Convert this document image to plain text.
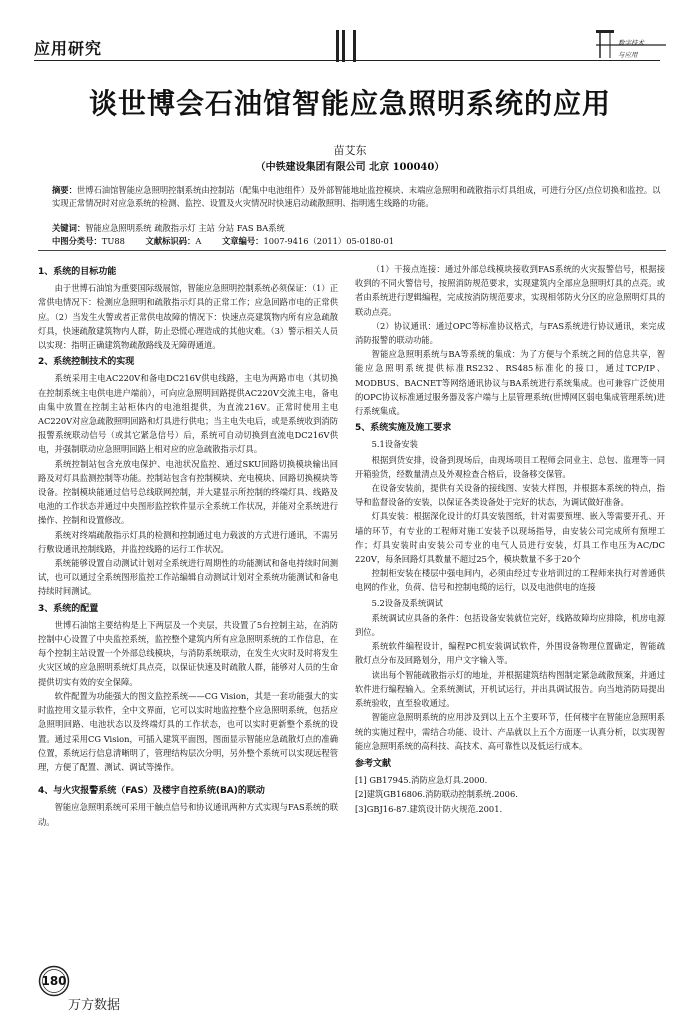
应用研究	数字技术
与应用
谈世博会石油馆智能应急照明系统的应用
苗艾东
（中铁建设集团有限公司 北京 100040）
摘要：世博石油馆智能应急照明控制系统由控制站（配集中电池组件）及外部智能地址监控模块、末端应急照明和疏散指示灯具组成，可进行分区/点位切换和监控。以实现正常情况时对应急系统的检测、监控、设置及火灾情况时快速启动疏散照明、指明逃生线路的功能。
关键词：智能应急照明系统 疏散指示灯 主站 分站 FAS BA系统
中图分类号：TU88 文献标识码：A 文章编号：1007-9416（2011）05-0180-01
1、系统的目标功能

由于世博石油馆为重要国际级展馆，智能应急照明控制系统必须保证：（1）正常供电情况下：检测应急照明和疏散指示灯具的正常工作；应急回路市电的正常供应。（2）当发生火警或者正常供电故障的情况下：快速点亮建筑物内所有应急疏散灯具，快速疏散建筑物内人群，防止恐慌心理造成的其他灾难。（3）警示相关人员以实现：指明正确建筑物疏散路线及无障碍通道。

2、系统控制技术的实现

系统采用主电AC220V和备电DC216V供电线路，主电为两路市电（其切换在控制系统主电供电进户端前），可向应急照明回路提供AC220V交流主电，备电由集中放置在控制主站柜体内的电池组提供，为直流216V。正常时使用主电AC220V对应急疏散照明回路和灯具进行供电；当主电失电后，或是系统收到消防报警系统联动信号（或其它紧急信号）后，系统可自动切换到直流电DC216V供电，并强制联动应急照明回路上相对应的应急疏散指示灯具。

系统控制站包含充放电保护、电池状况监控、通过SKU回路切换模块输出回路及对灯具监测控制等功能。控制站包含有控制模块、充电模块、回路切换模块等设备。控制模块能通过信号总线联网控制，并大建显示所控制的终端灯具、线路及电池的工作状态并通过中央图形监控软件显示全系统工作状况，并能对全系统进行操作、控制和设置修改。

系统对终端疏散指示灯具的检测和控制通过电力载波的方式进行通讯，不需另行敷设通讯控制线路，并监控线路的运行工作状况。

系统能够设置自动测试计划对全系统进行周期性的功能测试和备电持续时间测试，也可以通过全系统图形监控工作站编辑自动测试计划对全系统功能测试和备电持续时间测试。

3、系统的配置

世博石油馆主要结构是上下两层及一个夹层，共设置了5台控制主站，在消防控制中心设置了中央监控系统，监控整个建筑内所有应急照明系统的工作信息，在每个控制主站设置一个外部总线模块，与消防系统联动，在发生火灾时及时将发生火灾区域的应急照明系统灯具点亮，以保证快速及时疏散人群，能够对人员的生命提供切实有效的安全保障。

软件配置为功能强大的图文监控系统——CG Vision，其是一套功能强大的实时监控用文显示软件，全中文界面，它可以实时地监控整个应急照明系统，包括应急照明回路、电池状态以及终端灯具的工作状态，也可以实时更新整个系统的设置。通过采用CG Vision，可插入建筑平面图，图面显示智能应急疏散灯点的准确位置，系统运行信息清晰明了，管理结构层次分明，另外整个系统可以实现远程管理，方便了配置、测试、调试等操作。

4、与火灾报警系统（FAS）及楼宇自控系统(BA)的联动

智能应急照明系统可采用干触点信号和协议通讯两种方式实现与FAS系统的联动。

（1）干接点连接：通过外部总线模块接收到FAS系统的火灾报警信号，根据接收到的不同火警信号，按照消防规范要求，实现建筑内全部应急照明灯具的点亮。或者由系统进行逻辑编程，完成按消防规范要求，实现相邻防火分区的应急照明灯具的联动点亮。

（2）协议通讯：通过OPC等标准协议格式，与FAS系统进行协议通讯，来完成消防报警的联动功能。

智能应急照明系统与BA等系统的集成：为了方便与个系统之间的信息共享，智能应急照明系统提供标准RS232、RS485标准化的接口，通过TCP/IP、MODBUS、BACNET等网络通讯协议与BA系统进行系统集成。也可兼容广泛使用的OPC协议标准通过服务器及客户端与上层管理系统(世博网区弱电集成管理系统)进行系统集成。

5、系统实施及施工要求
5.1设备安装

根据到货安排，设备到现场后，由现场项目工程师会同业主、总包、监理等一同开箱验货，经数量清点及外观检查合格后，设备移交保管。

在设备安装前，提供有关设备的接线图、安装大样图，并根据本系统的特点，指导和监督设备的安装，以保证各类设备处于完好的状态，为调试做好准备。

灯具安装：根据深化设计的灯具安装图纸，针对需要预埋、嵌入等需要开孔、开墙的环节，有专业的工程师对施工安装予以现场指导，由安装公司完成所有预埋工作；灯具安装时由安装公司专业的电气人员进行安装，灯具工作电压为AC/DC 220V，每条回路灯具数量不超过25个，模块数量不多于20个

控制柜安装在楼层中强电间内，必须由经过专业培训过的工程师来执行对普通供电网的作业，负荷、信号和控制电缆的运行，以及电池供电的连接

5.2设备及系统调试

系统调试应具备的条件：包括设备安装就位完好，线路故障均应排除，机房电源到位。

系统软件编程设计，编程PC机安装调试软件，外围设备物理位置确定，智能疏散灯点分布及回路划分，用户文字输入等。

读出每个智能疏散指示灯的地址，并根据建筑结构图制定紧急疏散预案，并通过软件进行编程输入。全系统测试，开机试运行，并出具调试报告。向当地消防局提出系统验收，直至验收通过。

智能应急照明系统的应用涉及到以上五个主要环节，任何楼宇在智能应急照明系统的实施过程中，需结合功能、设计、产品就以上五个方面逐一认真分析，以实现智能应急照明系统的高科技、高技术、高可靠性以及低运行成本。

参考文献

[1] GB17945.消防应急灯具.2000.

[2]建筑GB16806.消防联动控制系统.2006.

[3]GBJ16-87.建筑设计防火规范.2001.

180
万方数据
